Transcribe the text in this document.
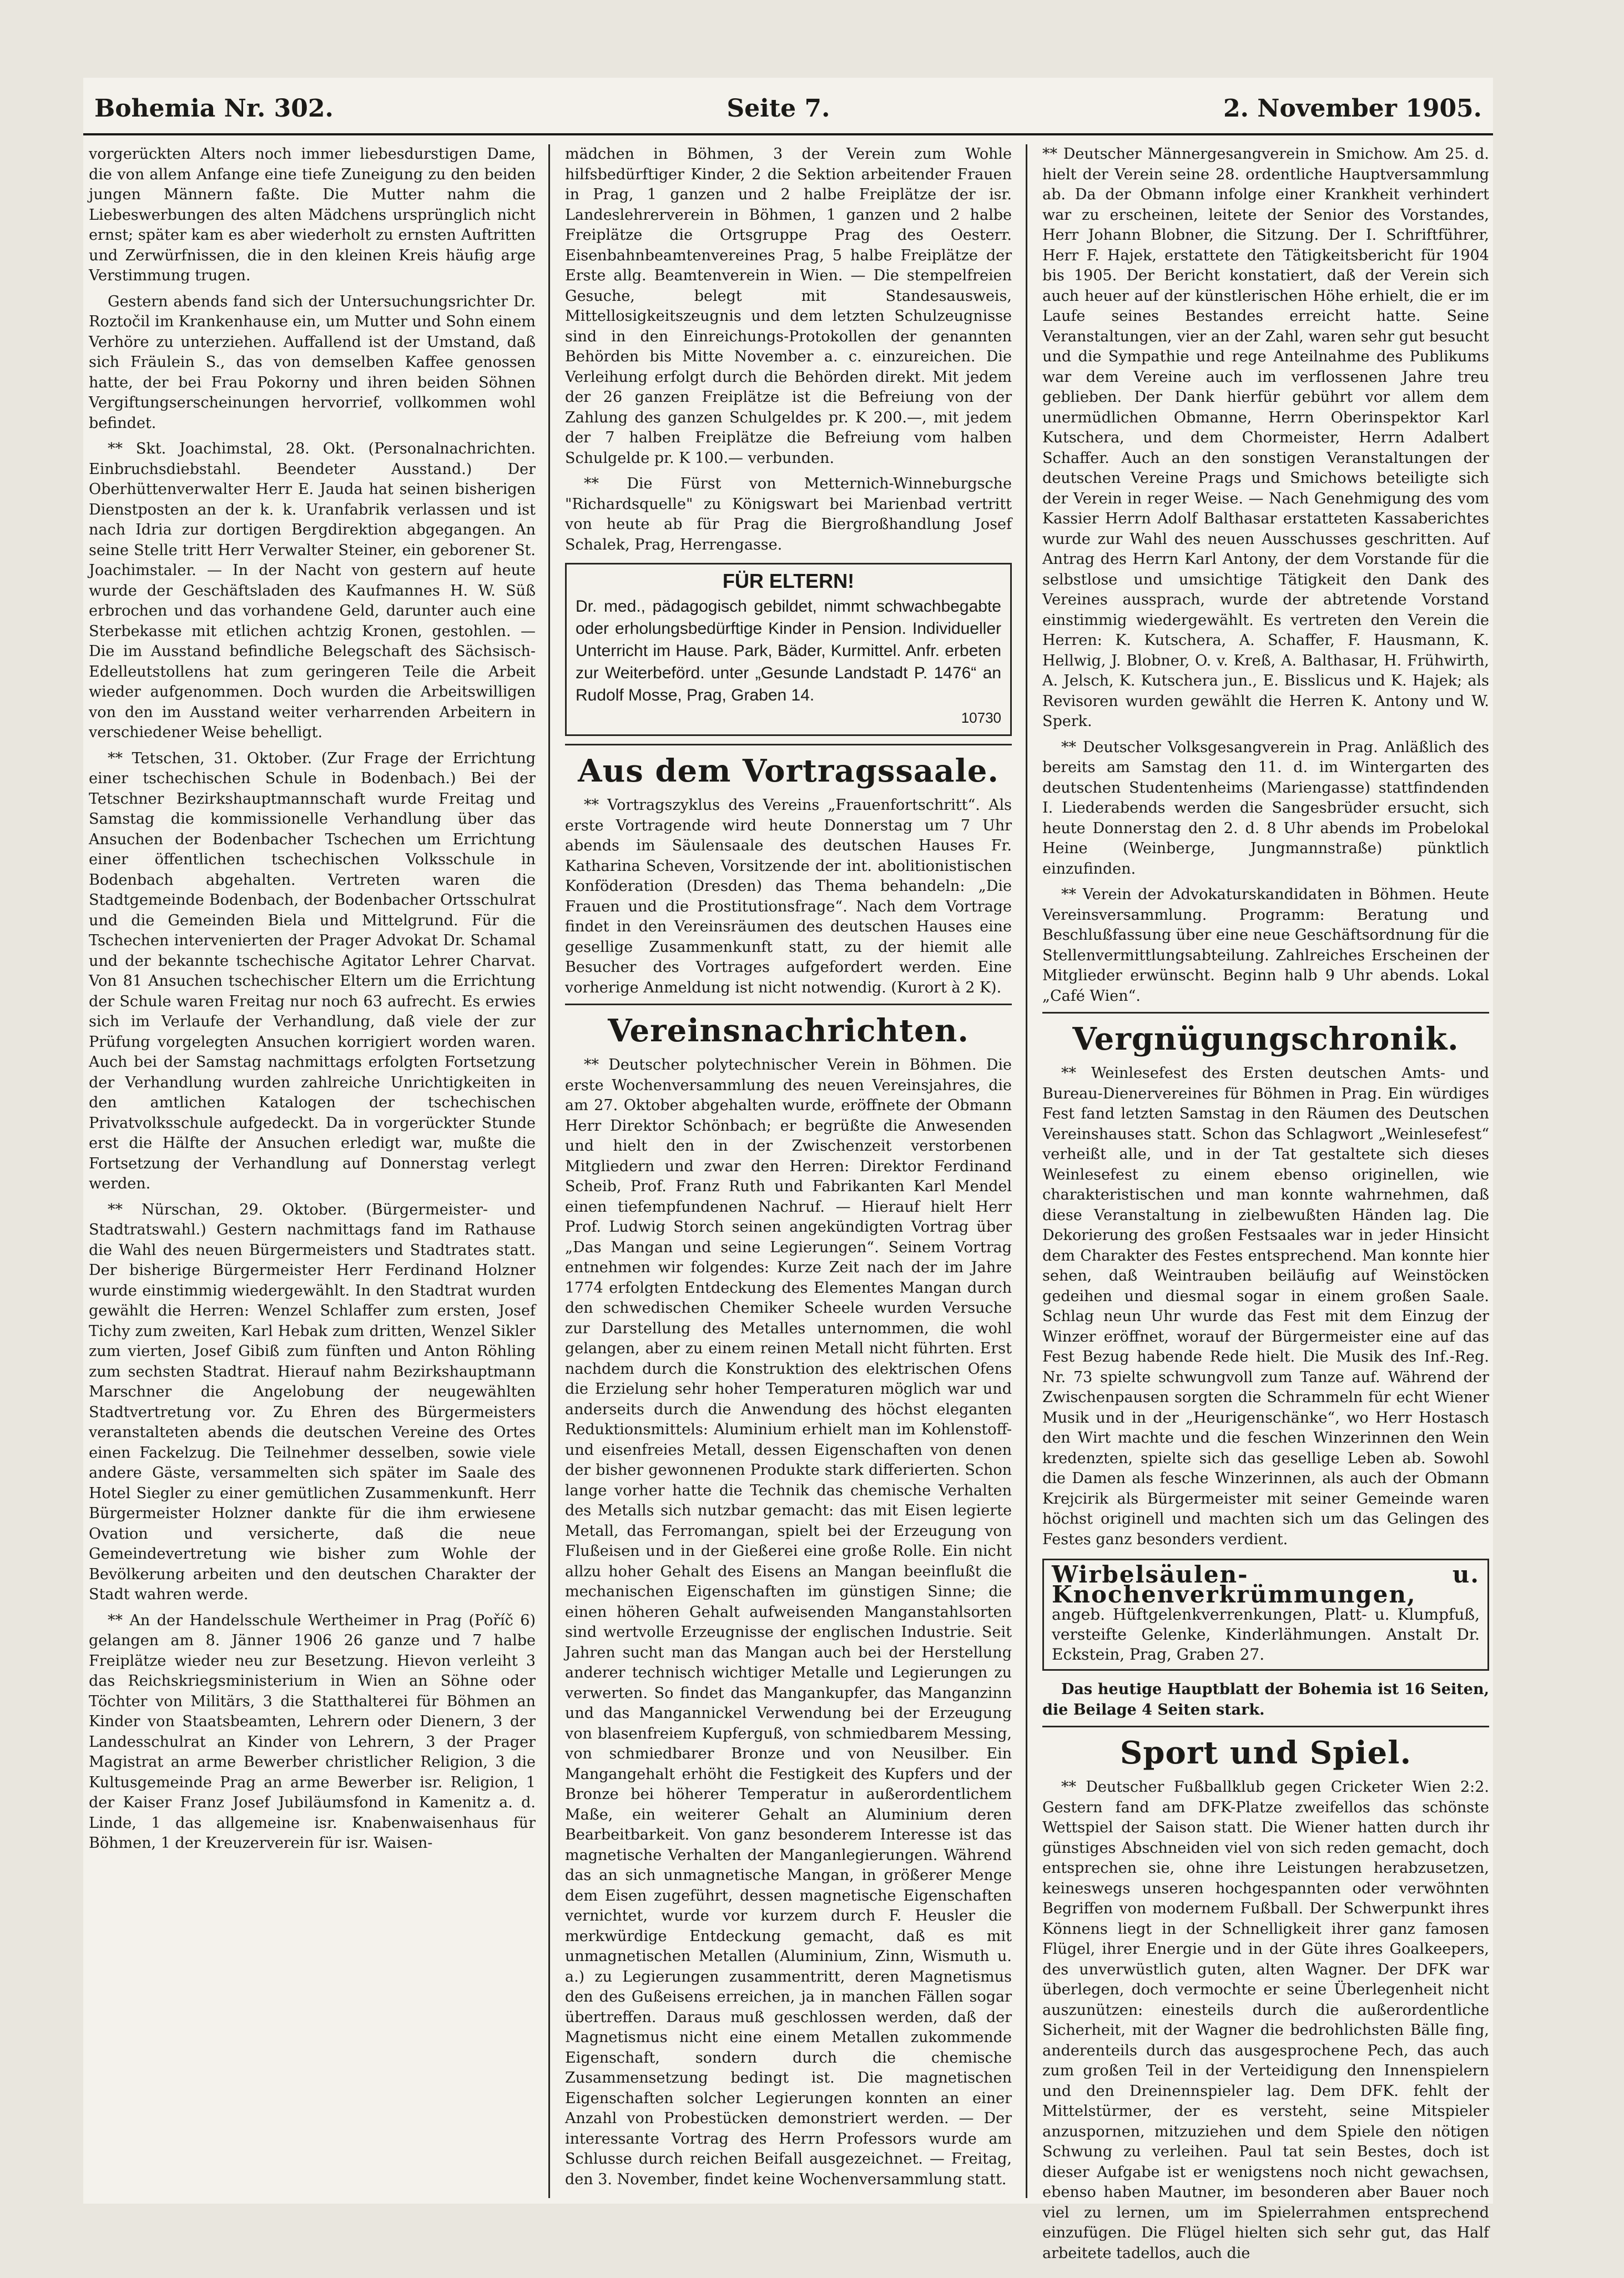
Bohemia Nr. 302.	Seite 7.	2. November 1905.

vorgerückten Alters noch immer liebesdurstigen Dame, die von allem Anfange eine tiefe Zuneigung zu den beiden jungen Männern faßte. Die Mutter nahm die Liebeswerbungen des alten Mädchens ursprünglich nicht ernst; später kam es aber wiederholt zu ernsten Auftritten und Zerwürfnissen, die in den kleinen Kreis häufig arge Verstimmung trugen.

Gestern abends fand sich der Untersuchungsrichter Dr. Roztočil im Krankenhause ein, um Mutter und Sohn einem Verhöre zu unterziehen. Auffallend ist der Umstand, daß sich Fräulein S., das von demselben Kaffee genossen hatte, der bei Frau Pokorny und ihren beiden Söhnen Vergiftungserscheinungen hervorrief, vollkommen wohl befindet.

** Skt. Joachimstal, 28. Okt. (Personalnachrichten. Einbruchsdiebstahl. Beendeter Ausstand.) Der Oberhüttenverwalter Herr E. Jauda hat seinen bisherigen Dienstposten an der k. k. Uranfabrik verlassen und ist nach Idria zur dortigen Bergdirektion abgegangen. An seine Stelle tritt Herr Verwalter Steiner, ein geborener St. Joachimstaler. — In der Nacht von gestern auf heute wurde der Geschäftsladen des Kaufmannes H. W. Süß erbrochen und das vorhandene Geld, darunter auch eine Sterbekasse mit etlichen achtzig Kronen, gestohlen. — Die im Ausstand befindliche Belegschaft des Sächsisch-Edelleutstollens hat zum geringeren Teile die Arbeit wieder aufgenommen. Doch wurden die Arbeitswilligen von den im Ausstand weiter verharrenden Arbeitern in verschiedener Weise behelligt.

** Tetschen, 31. Oktober. (Zur Frage der Errichtung einer tschechischen Schule in Bodenbach.) Bei der Tetschner Bezirkshauptmannschaft wurde Freitag und Samstag die kommissionelle Verhandlung über das Ansuchen der Bodenbacher Tschechen um Errichtung einer öffentlichen tschechischen Volksschule in Bodenbach abgehalten. Vertreten waren die Stadtgemeinde Bodenbach, der Bodenbacher Ortsschulrat und die Gemeinden Biela und Mittelgrund. Für die Tschechen intervenierten der Prager Advokat Dr. Schamal und der bekannte tschechische Agitator Lehrer Charvat. Von 81 Ansuchen tschechischer Eltern um die Errichtung der Schule waren Freitag nur noch 63 aufrecht. Es erwies sich im Verlaufe der Verhandlung, daß viele der zur Prüfung vorgelegten Ansuchen korrigiert worden waren. Auch bei der Samstag nachmittags erfolgten Fortsetzung der Verhandlung wurden zahlreiche Unrichtigkeiten in den amtlichen Katalogen der tschechischen Privatvolksschule aufgedeckt. Da in vorgerückter Stunde erst die Hälfte der Ansuchen erledigt war, mußte die Fortsetzung der Verhandlung auf Donnerstag verlegt werden.

** Nürschan, 29. Oktober. (Bürgermeister- und Stadtratswahl.) Gestern nachmittags fand im Rathause die Wahl des neuen Bürgermeisters und Stadtrates statt. Der bisherige Bürgermeister Herr Ferdinand Holzner wurde einstimmig wiedergewählt. In den Stadtrat wurden gewählt die Herren: Wenzel Schlaffer zum ersten, Josef Tichy zum zweiten, Karl Hebak zum dritten, Wenzel Sikler zum vierten, Josef Gibiß zum fünften und Anton Röhling zum sechsten Stadtrat. Hierauf nahm Bezirkshauptmann Marschner die Angelobung der neugewählten Stadtvertretung vor. Zu Ehren des Bürgermeisters veranstalteten abends die deutschen Vereine des Ortes einen Fackelzug. Die Teilnehmer desselben, sowie viele andere Gäste, versammelten sich später im Saale des Hotel Siegler zu einer gemütlichen Zusammenkunft. Herr Bürgermeister Holzner dankte für die ihm erwiesene Ovation und versicherte, daß die neue Gemeindevertretung wie bisher zum Wohle der Bevölkerung arbeiten und den deutschen Charakter der Stadt wahren werde.

** An der Handelsschule Wertheimer in Prag (Poříč 6) gelangen am 8. Jänner 1906 26 ganze und 7 halbe Freiplätze wieder neu zur Besetzung. Hievon verleiht 3 das Reichskriegsministerium in Wien an Söhne oder Töchter von Militärs, 3 die Statthalterei für Böhmen an Kinder von Staatsbeamten, Lehrern oder Dienern, 3 der Landesschulrat an Kinder von Lehrern, 3 der Prager Magistrat an arme Bewerber christlicher Religion, 3 die Kultusgemeinde Prag an arme Bewerber isr. Religion, 1 der Kaiser Franz Josef Jubiläumsfond in Kamenitz a. d. Linde, 1 das allgemeine isr. Knabenwaisenhaus für Böhmen, 1 der Kreuzerverein für isr. Waisen-

mädchen in Böhmen, 3 der Verein zum Wohle hilfsbedürftiger Kinder, 2 die Sektion arbeitender Frauen in Prag, 1 ganzen und 2 halbe Freiplätze der isr. Landeslehrerverein in Böhmen, 1 ganzen und 2 halbe Freiplätze die Ortsgruppe Prag des Oesterr. Eisenbahnbeamtenvereines Prag, 5 halbe Freiplätze der Erste allg. Beamtenverein in Wien. — Die stempelfreien Gesuche, belegt mit Standesausweis, Mittellosigkeitszeugnis und dem letzten Schulzeugnisse sind in den Einreichungs-Protokollen der genannten Behörden bis Mitte November a. c. einzureichen. Die Verleihung erfolgt durch die Behörden direkt. Mit jedem der 26 ganzen Freiplätze ist die Befreiung von der Zahlung des ganzen Schulgeldes pr. K 200.—, mit jedem der 7 halben Freiplätze die Befreiung vom halben Schulgelde pr. K 100.— verbunden.

** Die Fürst von Metternich-Winneburgsche "Richardsquelle" zu Königswart bei Marienbad vertritt von heute ab für Prag die Biergroßhandlung Josef Schalek, Prag, Herrengasse.

FÜR ELTERN!
Dr. med., pädagogisch gebildet, nimmt schwachbegabte oder erholungsbedürftige Kinder in Pension. Individueller Unterricht im Hause. Park, Bäder, Kurmittel. Anfr. erbeten zur Weiterbeförd. unter „Gesunde Landstadt P. 1476“ an Rudolf Mosse, Prag, Graben 14.
10730
Aus dem Vortragssaale.

** Vortragszyklus des Vereins „Frauenfortschritt“. Als erste Vortragende wird heute Donnerstag um 7 Uhr abends im Säulensaale des deutschen Hauses Fr. Katharina Scheven, Vorsitzende der int. abolitionistischen Konföderation (Dresden) das Thema behandeln: „Die Frauen und die Prostitutionsfrage“. Nach dem Vortrage findet in den Vereinsräumen des deutschen Hauses eine gesellige Zusammenkunft statt, zu der hiemit alle Besucher des Vortrages aufgefordert werden. Eine vorherige Anmeldung ist nicht notwendig. (Kurort à 2 K).

Vereinsnachrichten.

** Deutscher polytechnischer Verein in Böhmen. Die erste Wochenversammlung des neuen Vereinsjahres, die am 27. Oktober abgehalten wurde, eröffnete der Obmann Herr Direktor Schönbach; er begrüßte die Anwesenden und hielt den in der Zwischenzeit verstorbenen Mitgliedern und zwar den Herren: Direktor Ferdinand Scheib, Prof. Franz Ruth und Fabrikanten Karl Mendel einen tiefempfundenen Nachruf. — Hierauf hielt Herr Prof. Ludwig Storch seinen angekündigten Vortrag über „Das Mangan und seine Legierungen“. Seinem Vortrag entnehmen wir folgendes: Kurze Zeit nach der im Jahre 1774 erfolgten Entdeckung des Elementes Mangan durch den schwedischen Chemiker Scheele wurden Versuche zur Darstellung des Metalles unternommen, die wohl gelangen, aber zu einem reinen Metall nicht führten. Erst nachdem durch die Konstruktion des elektrischen Ofens die Erzielung sehr hoher Temperaturen möglich war und anderseits durch die Anwendung des höchst eleganten Reduktionsmittels: Aluminium erhielt man im Kohlenstoff- und eisenfreies Metall, dessen Eigenschaften von denen der bisher gewonnenen Produkte stark differierten. Schon lange vorher hatte die Technik das chemische Verhalten des Metalls sich nutzbar gemacht: das mit Eisen legierte Metall, das Ferromangan, spielt bei der Erzeugung von Flußeisen und in der Gießerei eine große Rolle. Ein nicht allzu hoher Gehalt des Eisens an Mangan beeinflußt die mechanischen Eigenschaften im günstigen Sinne; die einen höheren Gehalt aufweisenden Manganstahlsorten sind wertvolle Erzeugnisse der englischen Industrie. Seit Jahren sucht man das Mangan auch bei der Herstellung anderer technisch wichtiger Metalle und Legierungen zu verwerten. So findet das Mangankupfer, das Manganzinn und das Mangannickel Verwendung bei der Erzeugung von blasenfreiem Kupferguß, von schmiedbarem Messing, von schmiedbarer Bronze und von Neusilber. Ein Mangangehalt erhöht die Festigkeit des Kupfers und der Bronze bei höherer Temperatur in außerordentlichem Maße, ein weiterer Gehalt an Aluminium deren Bearbeitbarkeit. Von ganz besonderem Interesse ist das magnetische Verhalten der Manganlegierungen. Während das an sich unmagnetische Mangan, in größerer Menge dem Eisen zugeführt, dessen magnetische Eigenschaften vernichtet, wurde vor kurzem durch F. Heusler die merkwürdige Entdeckung gemacht, daß es mit unmagnetischen Metallen (Aluminium, Zinn, Wismuth u. a.) zu Legierungen zusammentritt, deren Magnetismus den des Gußeisens erreichen, ja in manchen Fällen sogar übertreffen. Daraus muß geschlossen werden, daß der Magnetismus nicht eine einem Metallen zukommende Eigenschaft, sondern durch die chemische Zusammensetzung bedingt ist. Die magnetischen Eigenschaften solcher Legierungen konnten an einer Anzahl von Probestücken demonstriert werden. — Der interessante Vortrag des Herrn Professors wurde am Schlusse durch reichen Beifall ausgezeichnet. — Freitag, den 3. November, findet keine Wochenversammlung statt.

** Deutscher Männergesangverein in Smichow. Am 25. d. hielt der Verein seine 28. ordentliche Hauptversammlung ab. Da der Obmann infolge einer Krankheit verhindert war zu erscheinen, leitete der Senior des Vorstandes, Herr Johann Blobner, die Sitzung. Der I. Schriftführer, Herr F. Hajek, erstattete den Tätigkeitsbericht für 1904 bis 1905. Der Bericht konstatiert, daß der Verein sich auch heuer auf der künstlerischen Höhe erhielt, die er im Laufe seines Bestandes erreicht hatte. Seine Veranstaltungen, vier an der Zahl, waren sehr gut besucht und die Sympathie und rege Anteilnahme des Publikums war dem Vereine auch im verflossenen Jahre treu geblieben. Der Dank hierfür gebührt vor allem dem unermüdlichen Obmanne, Herrn Oberinspektor Karl Kutschera, und dem Chormeister, Herrn Adalbert Schaffer. Auch an den sonstigen Veranstaltungen der deutschen Vereine Prags und Smichows beteiligte sich der Verein in reger Weise. — Nach Genehmigung des vom Kassier Herrn Adolf Balthasar erstatteten Kassaberichtes wurde zur Wahl des neuen Ausschusses geschritten. Auf Antrag des Herrn Karl Antony, der dem Vorstande für die selbstlose und umsichtige Tätigkeit den Dank des Vereines aussprach, wurde der abtretende Vorstand einstimmig wiedergewählt. Es vertreten den Verein die Herren: K. Kutschera, A. Schaffer, F. Hausmann, K. Hellwig, J. Blobner, O. v. Kreß, A. Balthasar, H. Frühwirth, A. Jelsch, K. Kutschera jun., E. Bisslicus und K. Hajek; als Revisoren wurden gewählt die Herren K. Antony und W. Sperk.

** Deutscher Volksgesangverein in Prag. Anläßlich des bereits am Samstag den 11. d. im Wintergarten des deutschen Studentenheims (Mariengasse) stattfindenden I. Liederabends werden die Sangesbrüder ersucht, sich heute Donnerstag den 2. d. 8 Uhr abends im Probelokal Heine (Weinberge, Jungmannstraße) pünktlich einzufinden.

** Verein der Advokaturskandidaten in Böhmen. Heute Vereinsversammlung. Programm: Beratung und Beschlußfassung über eine neue Geschäftsordnung für die Stellenvermittlungsabteilung. Zahlreiches Erscheinen der Mitglieder erwünscht. Beginn halb 9 Uhr abends. Lokal „Café Wien“.

Vergnügungschronik.

** Weinlesefest des Ersten deutschen Amts- und Bureau-Dienervereines für Böhmen in Prag. Ein würdiges Fest fand letzten Samstag in den Räumen des Deutschen Vereinshauses statt. Schon das Schlagwort „Weinlesefest“ verheißt alle, und in der Tat gestaltete sich dieses Weinlesefest zu einem ebenso originellen, wie charakteristischen und man konnte wahrnehmen, daß diese Veranstaltung in zielbewußten Händen lag. Die Dekorierung des großen Festsaales war in jeder Hinsicht dem Charakter des Festes entsprechend. Man konnte hier sehen, daß Weintrauben beiläufig auf Weinstöcken gedeihen und diesmal sogar in einem großen Saale. Schlag neun Uhr wurde das Fest mit dem Einzug der Winzer eröffnet, worauf der Bürgermeister eine auf das Fest Bezug habende Rede hielt. Die Musik des Inf.-Reg. Nr. 73 spielte schwungvoll zum Tanze auf. Während der Zwischenpausen sorgten die Schrammeln für echt Wiener Musik und in der „Heurigenschänke“, wo Herr Hostasch den Wirt machte und die feschen Winzerinnen den Wein kredenzten, spielte sich das gesellige Leben ab. Sowohl die Damen als fesche Winzerinnen, als auch der Obmann Krejcirik als Bürgermeister mit seiner Gemeinde waren höchst originell und machten sich um das Gelingen des Festes ganz besonders verdient.

Wirbelsäulen- u. Knochenverkrümmungen,
angeb. Hüftgelenkverrenkungen, Platt- u. Klumpfuß, versteifte Gelenke, Kinderlähmungen. Anstalt Dr. Eckstein, Prag, Graben 27.

Das heutige Hauptblatt der Bohemia ist 16 Seiten, die Beilage 4 Seiten stark.

Sport und Spiel.

** Deutscher Fußballklub gegen Cricketer Wien 2:2. Gestern fand am DFK-Platze zweifellos das schönste Wettspiel der Saison statt. Die Wiener hatten durch ihr günstiges Abschneiden viel von sich reden gemacht, doch entsprechen sie, ohne ihre Leistungen herabzusetzen, keineswegs unseren hochgespannten oder verwöhnten Begriffen von modernem Fußball. Der Schwerpunkt ihres Könnens liegt in der Schnelligkeit ihrer ganz famosen Flügel, ihrer Energie und in der Güte ihres Goalkeepers, des unverwüstlich guten, alten Wagner. Der DFK war überlegen, doch vermochte er seine Überlegenheit nicht auszunützen: einesteils durch die außerordentliche Sicherheit, mit der Wagner die bedrohlichsten Bälle fing, anderenteils durch das ausgesprochene Pech, das auch zum großen Teil in der Verteidigung den Innenspielern und den Dreinennspieler lag. Dem DFK. fehlt der Mittelstürmer, der es versteht, seine Mitspieler anzuspornen, mitzuziehen und dem Spiele den nötigen Schwung zu verleihen. Paul tat sein Bestes, doch ist dieser Aufgabe ist er wenigstens noch nicht gewachsen, ebenso haben Mautner, im besonderen aber Bauer noch viel zu lernen, um im Spielerrahmen entsprechend einzufügen. Die Flügel hielten sich sehr gut, das Half arbeitete tadellos, auch die
